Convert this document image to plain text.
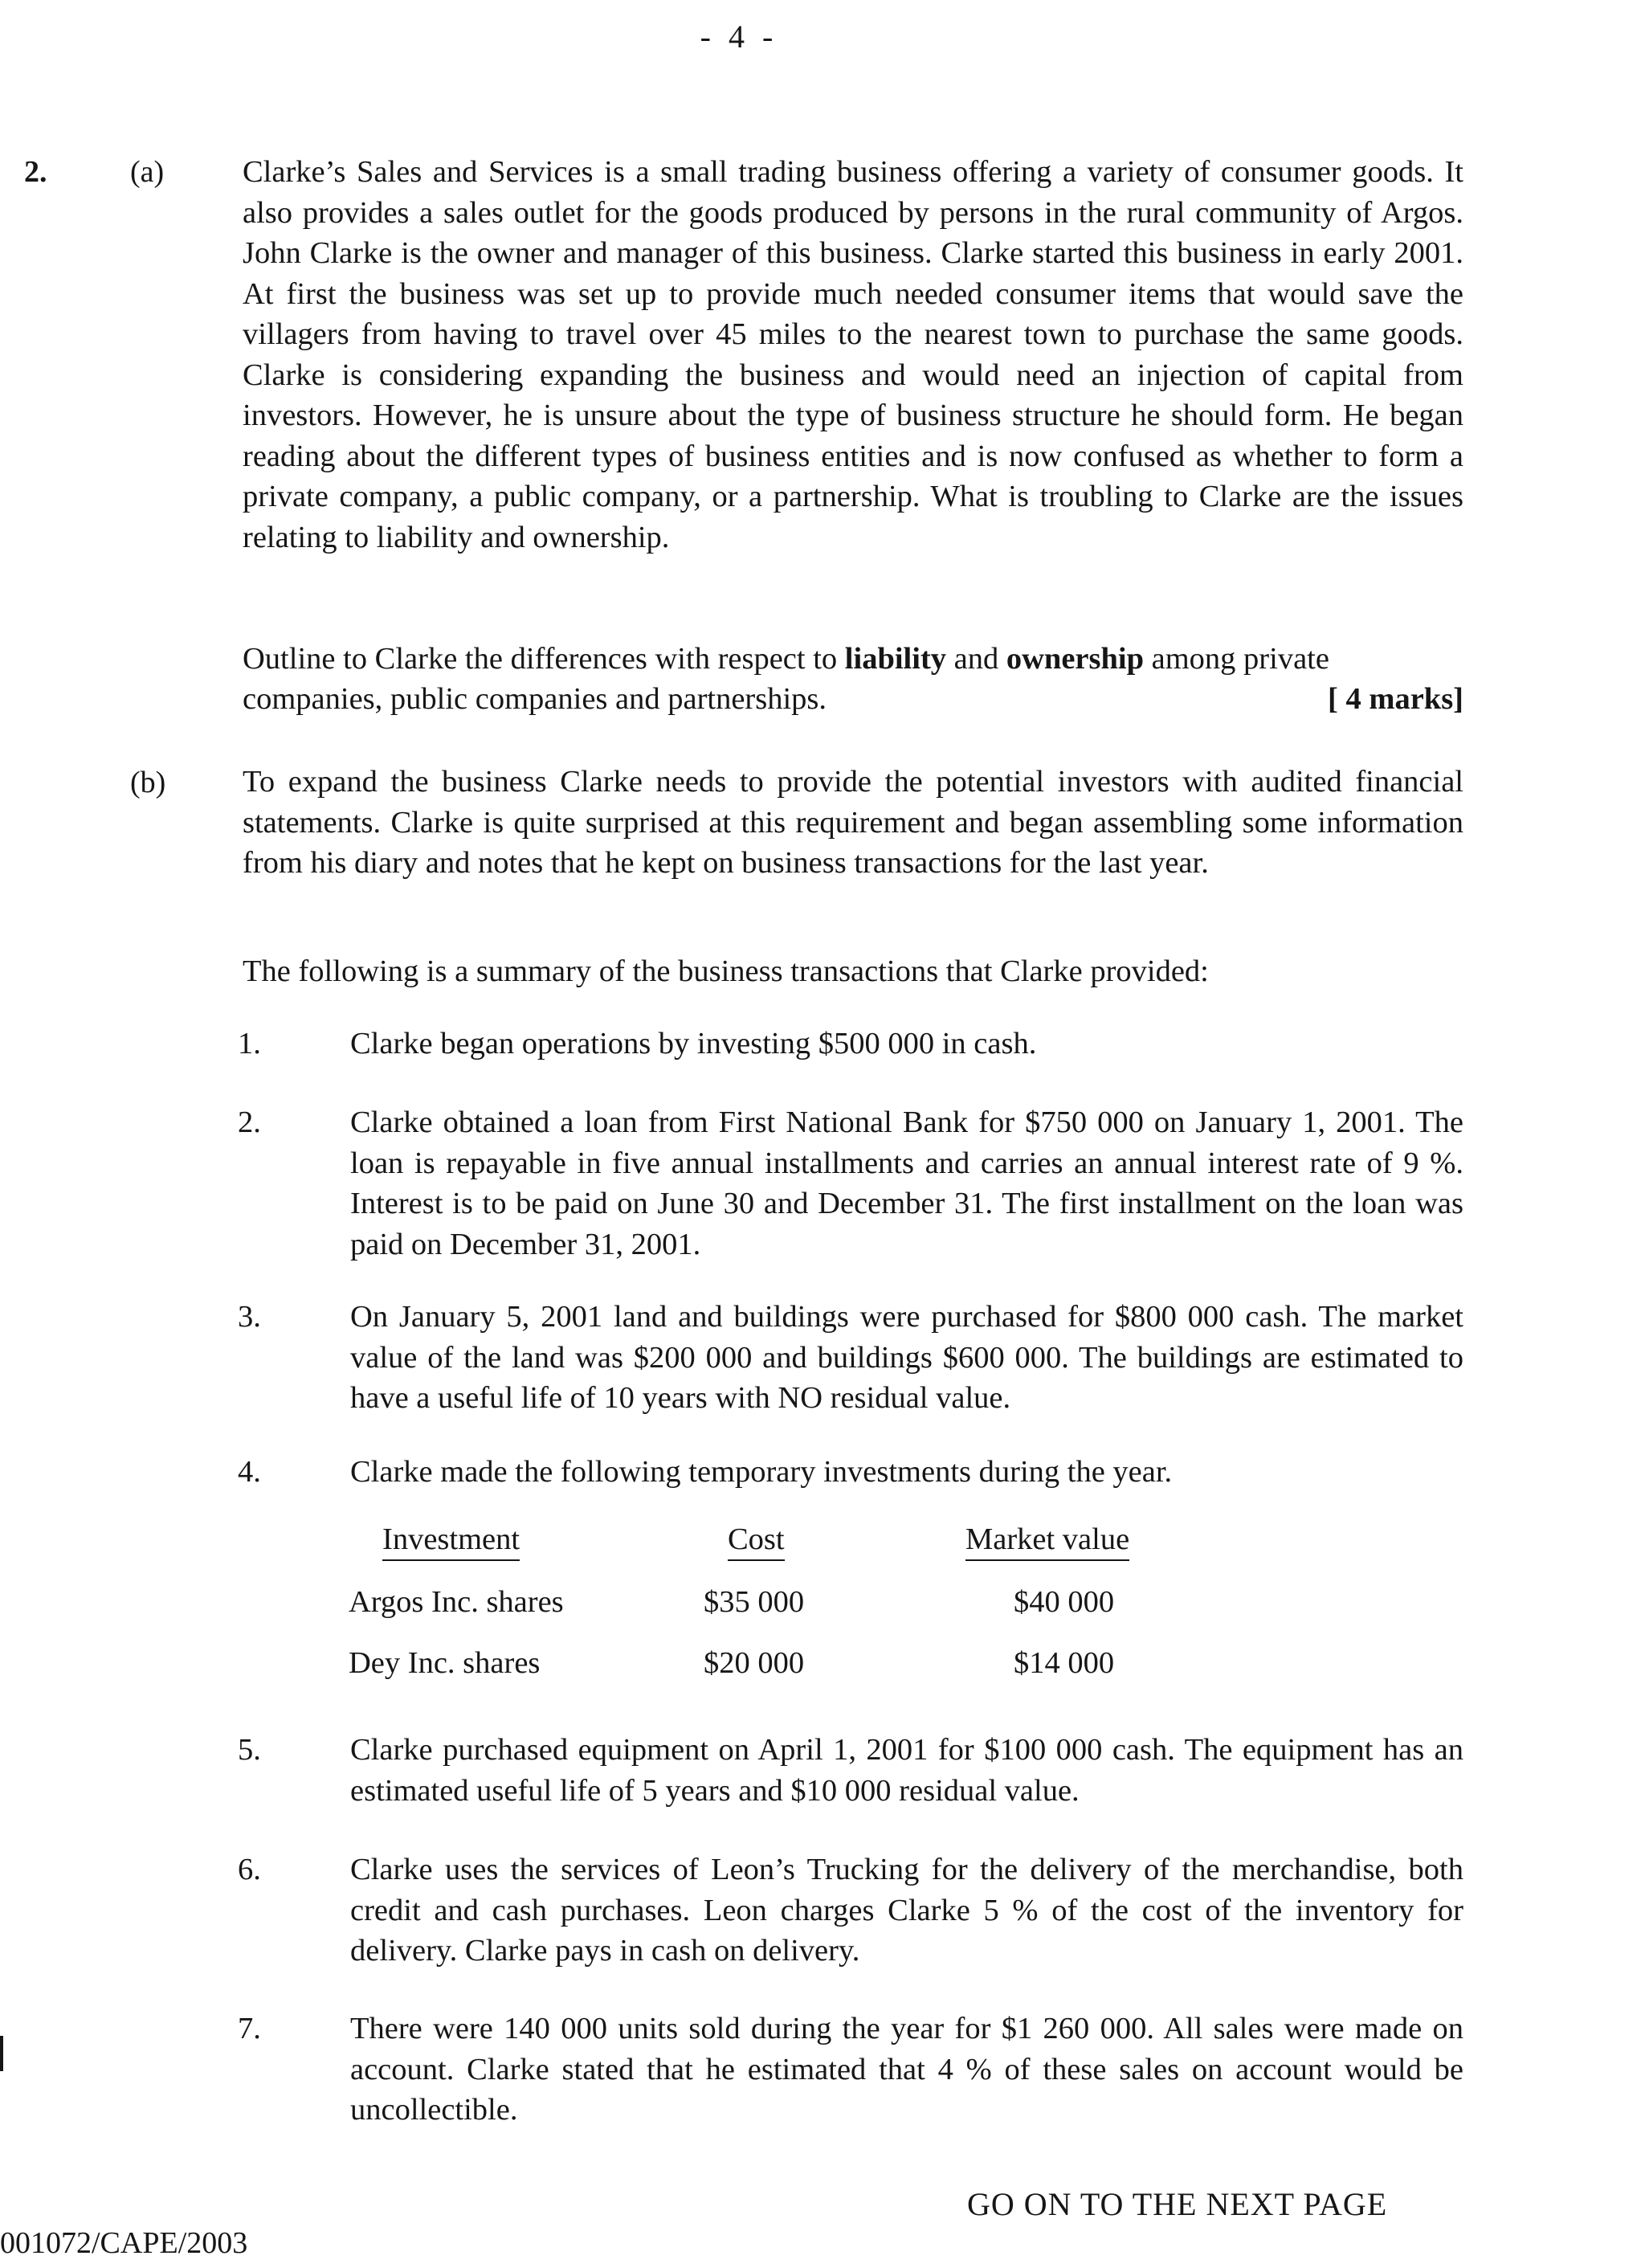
- 4 -
2.	(a)	Clarke’s Sales and Services is a small trading business offering a variety of consumer goods. It also provides a sales outlet for the goods produced by persons in the rural community of Argos. John Clarke is the owner and manager of this business. Clarke started this business in early 2001. At first the business was set up to provide much needed consumer items that would save the villagers from having to travel over 45 miles to the nearest town to purchase the same goods. Clarke is considering expanding the business and would need an injection of capital from investors. However, he is unsure about the type of business structure he should form. He began reading about the different types of business entities and is now confused as whether to form a private company, a public company, or a partnership. What is troubling to Clarke are the issues relating to liability and ownership.
Outline to Clarke the differences with respect to liability and ownership among private
companies, public companies and partnerships.	[ 4 marks]
(b) To expand the business Clarke needs to provide the potential investors with audited financial statements. Clarke is quite surprised at this requirement and began assembling some information from his diary and notes that he kept on business transactions for the last year.
The following is a summary of the business transactions that Clarke provided:
1.	Clarke began operations by investing $500 000 in cash.
2.	Clarke obtained a loan from First National Bank for $750 000 on January 1, 2001. The loan is repayable in five annual installments and carries an annual interest rate of 9 %. Interest is to be paid on June 30 and December 31. The first installment on the loan was paid on December 31, 2001.
3.	On January 5, 2001 land and buildings were purchased for $800 000 cash. The market value of the land was $200 000 and buildings $600 000. The buildings are estimated to have a useful life of 10 years with NO residual value.
4.	Clarke made the following temporary investments during the year.
Investment	Cost	Market value
Argos Inc. shares	$35 000	$40 000
Dey Inc. shares	$20 000	$14 000
5.	Clarke purchased equipment on April 1, 2001 for $100 000 cash. The equipment has an estimated useful life of 5 years and $10 000 residual value.
6.	Clarke uses the services of Leon’s Trucking for the delivery of the merchandise, both credit and cash purchases. Leon charges Clarke 5 % of the cost of the inventory for delivery. Clarke pays in cash on delivery.
7.	There were 140 000 units sold during the year for $1 260 000. All sales were made on account. Clarke stated that he estimated that 4 % of these sales on account would be uncollectible.
GO ON TO THE NEXT PAGE
001072/CAPE/2003
